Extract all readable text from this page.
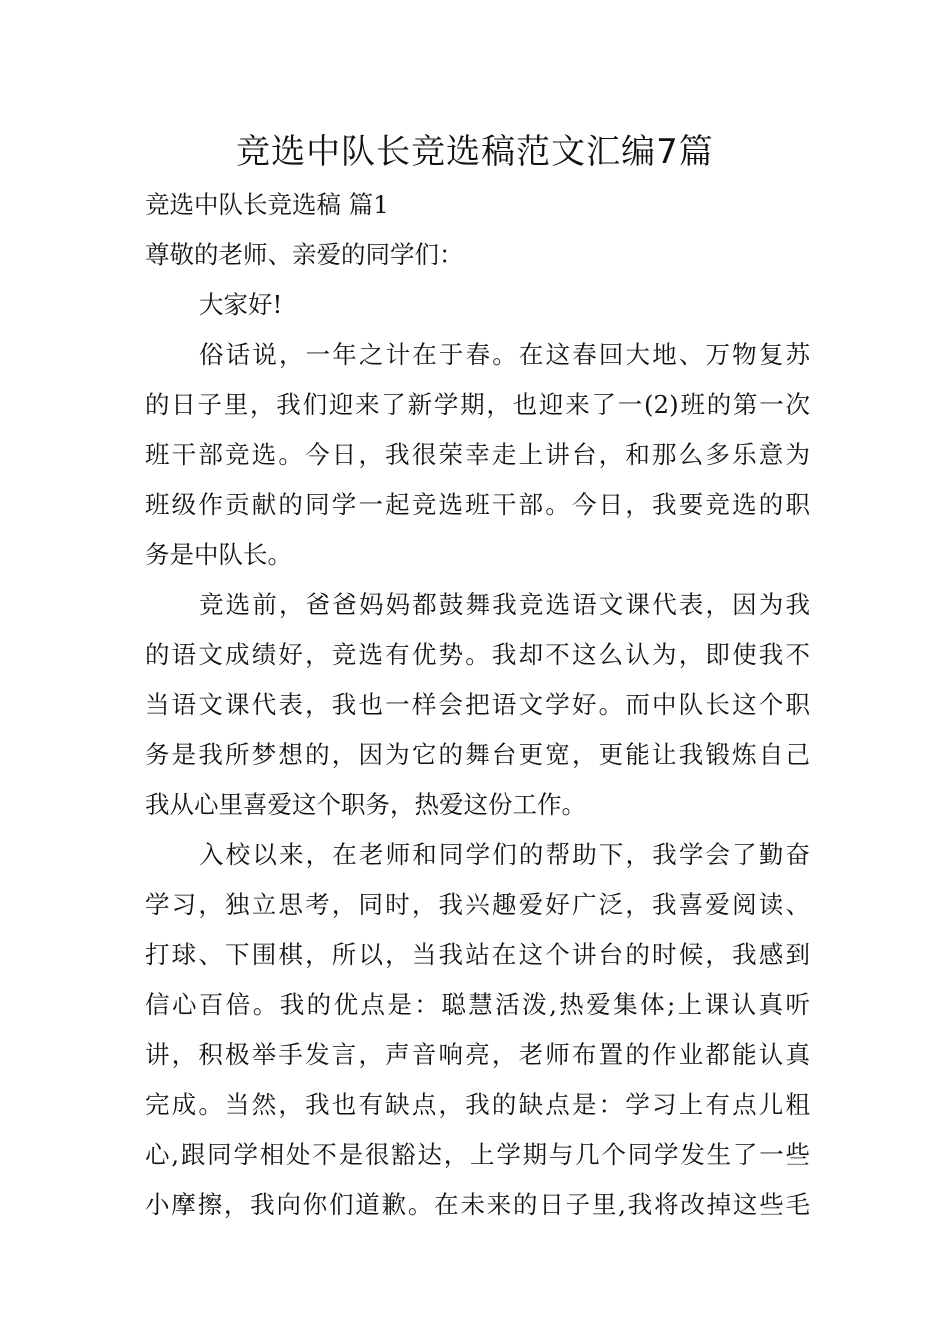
竞选中队长竞选稿范文汇编7篇
竞选中队长竞选稿 篇1
尊敬的老师、亲爱的同学们：
大家好!
俗话说，一年之计在于春。在这春回大地、万物复苏
的日子里，我们迎来了新学期，也迎来了一(2)班的第一次
班干部竞选。今日，我很荣幸走上讲台，和那么多乐意为
班级作贡献的同学一起竞选班干部。今日，我要竞选的职
务是中队长。
竞选前，爸爸妈妈都鼓舞我竞选语文课代表，因为我
的语文成绩好，竞选有优势。我却不这么认为，即使我不
当语文课代表，我也一样会把语文学好。而中队长这个职
务是我所梦想的，因为它的舞台更宽，更能让我锻炼自己
我从心里喜爱这个职务，热爱这份工作。
入校以来，在老师和同学们的帮助下，我学会了勤奋
学习，独立思考，同时，我兴趣爱好广泛，我喜爱阅读、
打球、下围棋，所以，当我站在这个讲台的时候，我感到
信心百倍。我的优点是：聪慧活泼,热爱集体;上课认真听
讲，积极举手发言，声音响亮，老师布置的作业都能认真
完成。当然，我也有缺点，我的缺点是：学习上有点儿粗
心,跟同学相处不是很豁达，上学期与几个同学发生了一些
小摩擦，我向你们道歉。在未来的日子里,我将改掉这些毛
